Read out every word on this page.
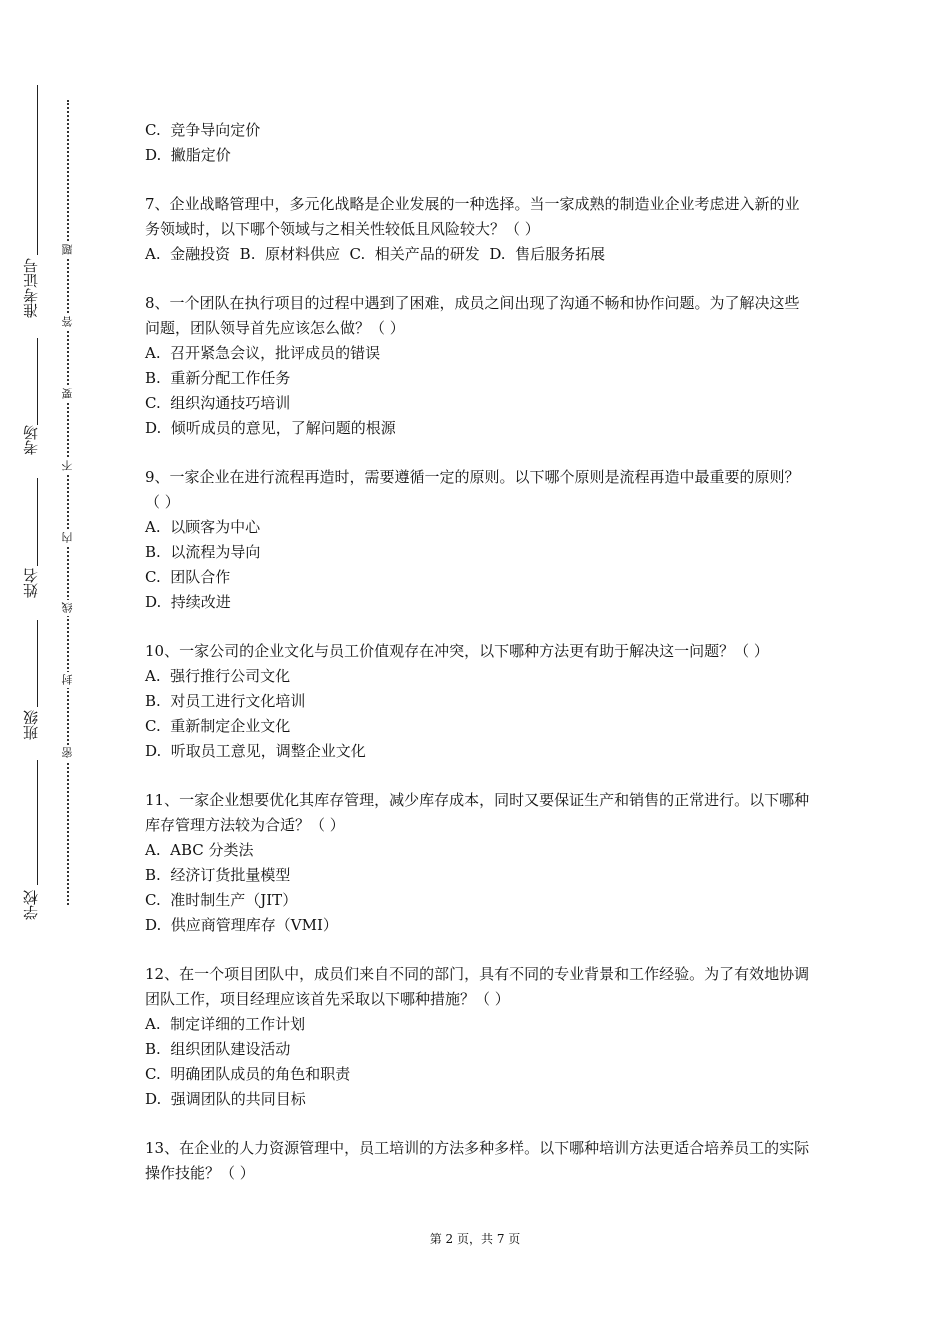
学校
班级
姓名
考场
准考证号
密
封
线
内
不
要
答
题

C.  竞争导向定价

D.  撇脂定价

7、企业战略管理中，多元化战略是企业发展的一种选择。当一家成熟的制造业企业考虑进入新的业务领域时，以下哪个领域与之相关性较低且风险较大？（ ）

A.  金融投资  B.  原材料供应  C.  相关产品的研发  D.  售后服务拓展

8、一个团队在执行项目的过程中遇到了困难，成员之间出现了沟通不畅和协作问题。为了解决这些问题，团队领导首先应该怎么做？（ ）

A.  召开紧急会议，批评成员的错误

B.  重新分配工作任务

C.  组织沟通技巧培训

D.  倾听成员的意见，了解问题的根源

9、一家企业在进行流程再造时，需要遵循一定的原则。以下哪个原则是流程再造中最重要的原则？（ ）

A.  以顾客为中心

B.  以流程为导向

C.  团队合作

D.  持续改进

10、一家公司的企业文化与员工价值观存在冲突，以下哪种方法更有助于解决这一问题？（ ）

A.  强行推行公司文化

B.  对员工进行文化培训

C.  重新制定企业文化

D.  听取员工意见，调整企业文化

11、一家企业想要优化其库存管理，减少库存成本，同时又要保证生产和销售的正常进行。以下哪种库存管理方法较为合适？（ ）

A.  ABC 分类法

B.  经济订货批量模型

C.  准时制生产（JIT）

D.  供应商管理库存（VMI）

12、在一个项目团队中，成员们来自不同的部门，具有不同的专业背景和工作经验。为了有效地协调团队工作，项目经理应该首先采取以下哪种措施？（ ）

A.  制定详细的工作计划

B.  组织团队建设活动

C.  明确团队成员的角色和职责

D.  强调团队的共同目标

13、在企业的人力资源管理中，员工培训的方法多种多样。以下哪种培训方法更适合培养员工的实际操作技能？（ ）

第 2 页，共 7 页
